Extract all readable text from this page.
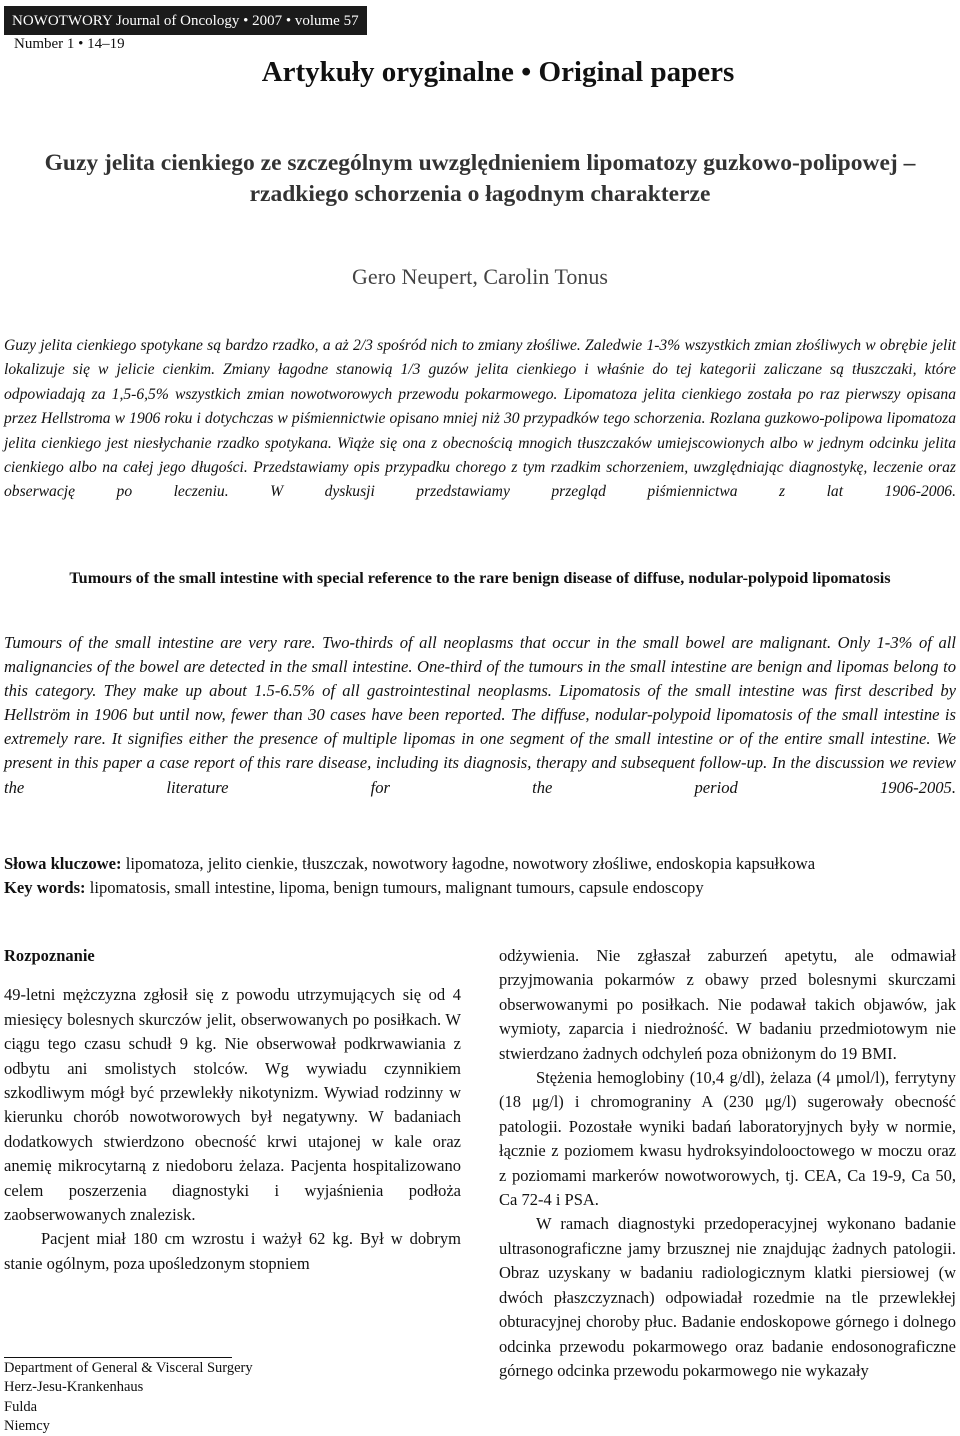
NOWOTWORY Journal of Oncology • 2007 • volume 57
Number 1 • 14–19
Artykuły oryginalne • Original papers
Guzy jelita cienkiego ze szczególnym uwzględnieniem lipomatozy guzkowo-polipowej – rzadkiego schorzenia o łagodnym charakterze
Gero Neupert, Carolin Tonus
Guzy jelita cienkiego spotykane są bardzo rzadko, a aż 2/3 spośród nich to zmiany złośliwe. Zaledwie 1-3% wszystkich zmian złośliwych w obrębie jelit lokalizuje się w jelicie cienkim. Zmiany łagodne stanowią 1/3 guzów jelita cienkiego i właśnie do tej kategorii zaliczane są tłuszczaki, które odpowiadają za 1,5-6,5% wszystkich zmian nowotworowych przewodu pokarmowego. Lipomatoza jelita cienkiego została po raz pierwszy opisana przez Hellstroma w 1906 roku i dotychczas w piśmiennictwie opisano mniej niż 30 przypadków tego schorzenia. Rozlana guzkowo-polipowa lipomatoza jelita cienkiego jest niesłychanie rzadko spotykana. Wiąże się ona z obecnością mnogich tłuszczaków umiejscowionych albo w jednym odcinku jelita cienkiego albo na całej jego długości. Przedstawiamy opis przypadku chorego z tym rzadkim schorzeniem, uwzględniając diagnostykę, leczenie oraz obserwację po leczeniu. W dyskusji przedstawiamy przegląd piśmiennictwa z lat 1906-2006.
Tumours of the small intestine with special reference to the rare benign disease of diffuse, nodular-polypoid lipomatosis
Tumours of the small intestine are very rare. Two-thirds of all neoplasms that occur in the small bowel are malignant. Only 1-3% of all malignancies of the bowel are detected in the small intestine. One-third of the tumours in the small intestine are benign and lipomas belong to this category. They make up about 1.5-6.5% of all gastrointestinal neoplasms. Lipomatosis of the small intestine was first described by Hellström in 1906 but until now, fewer than 30 cases have been reported. The diffuse, nodular-polypoid lipomatosis of the small intestine is extremely rare. It signifies either the presence of multiple lipomas in one segment of the small intestine or of the entire small intestine. We present in this paper a case report of this rare disease, including its diagnosis, therapy and subsequent follow-up. In the discussion we review the literature for the period 1906-2005.
Słowa kluczowe: lipomatoza, jelito cienkie, tłuszczak, nowotwory łagodne, nowotwory złośliwe, endoskopia kapsułkowa
Key words: lipomatosis, small intestine, lipoma, benign tumours, malignant tumours, capsule endoscopy

Rozpoznanie

49-letni mężczyzna zgłosił się z powodu utrzymujących się od 4 miesięcy bolesnych skurczów jelit, obserwowanych po posiłkach. W ciągu tego czasu schudł 9 kg. Nie obserwował podkrwawiania z odbytu ani smolistych stolców. Wg wywiadu czynnikiem szkodliwym mógł być przewlekły nikotynizm. Wywiad rodzinny w kierunku chorób nowotworowych był negatywny. W badaniach dodatkowych stwierdzono obecność krwi utajonej w kale oraz anemię mikrocytarną z niedoboru żelaza. Pacjenta hospitalizowano celem poszerzenia diagnostyki i wyjaśnienia podłoża zaobserwowanych znalezisk.

Pacjent miał 180 cm wzrostu i ważył 62 kg. Był w dobrym stanie ogólnym, poza upośledzonym stopniem

odżywienia. Nie zgłaszał zaburzeń apetytu, ale odmawiał przyjmowania pokarmów z obawy przed bolesnymi skurczami obserwowanymi po posiłkach. Nie podawał takich objawów, jak wymioty, zaparcia i niedrożność. W badaniu przedmiotowym nie stwierdzano żadnych odchyleń poza obniżonym do 19 BMI.

Stężenia hemoglobiny (10,4 g/dl), żelaza (4 μmol/l), ferrytyny (18 μg/l) i chromograniny A (230 μg/l) sugerowały obecność patologii. Pozostałe wyniki badań laboratoryjnych były w normie, łącznie z poziomem kwasu hydroksyindolooctowego w moczu oraz z poziomami markerów nowotworowych, tj. CEA, Ca 19-9, Ca 50, Ca 72-4 i PSA.

W ramach diagnostyki przedoperacyjnej wykonano badanie ultrasonograficzne jamy brzusznej nie znajdując żadnych patologii. Obraz uzyskany w badaniu radiologicznym klatki piersiowej (w dwóch płaszczyznach) odpowiadał rozedmie na tle przewlekłej obturacyjnej choroby płuc. Badanie endoskopowe górnego i dolnego odcinka przewodu pokarmowego oraz badanie endosonograficzne górnego odcinka przewodu pokarmowego nie wykazały

Department of General & Visceral Surgery
Herz-Jesu-Krankenhaus
Fulda
Niemcy
